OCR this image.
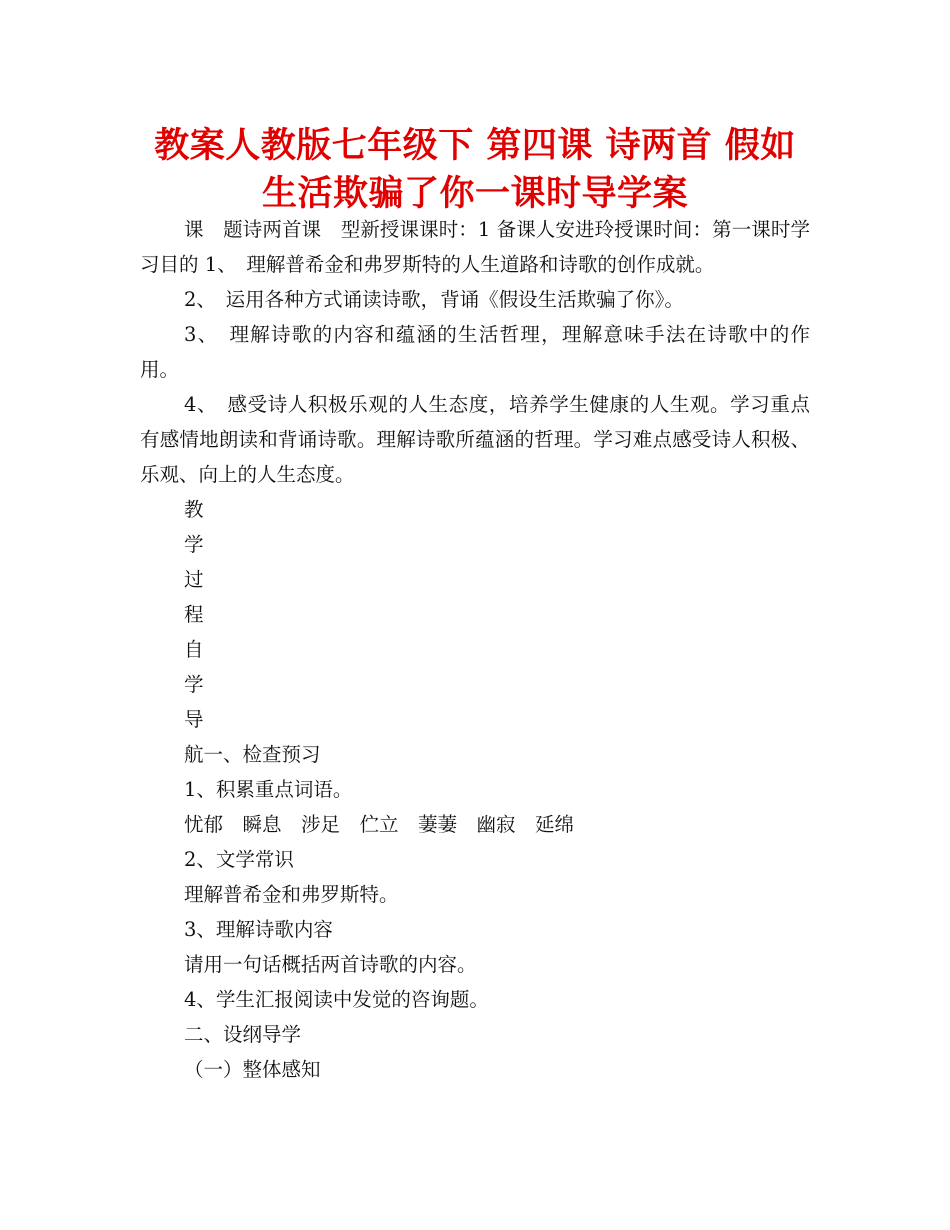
教案人教版七年级下 第四课 诗两首 假如生活欺骗了你一课时导学案

课　题诗两首课　型新授课课时：1 备课人安进玲授课时间：第一课时学习目的 1、　理解普希金和弗罗斯特的人生道路和诗歌的创作成就。

2、　运用各种方式诵读诗歌，背诵《假设生活欺骗了你》。

3、　理解诗歌的内容和蕴涵的生活哲理，理解意味手法在诗歌中的作用。

4、　感受诗人积极乐观的人生态度，培养学生健康的人生观。学习重点有感情地朗读和背诵诗歌。理解诗歌所蕴涵的哲理。学习难点感受诗人积极、乐观、向上的人生态度。

教

学

过

程

自

学

导

航一、检查预习

1、积累重点词语。

忧郁　瞬息　涉足　伫立　萋萋　幽寂　延绵

2、文学常识

理解普希金和弗罗斯特。

3、理解诗歌内容

请用一句话概括两首诗歌的内容。

4、学生汇报阅读中发觉的咨询题。

二、设纲导学

（一）整体感知
